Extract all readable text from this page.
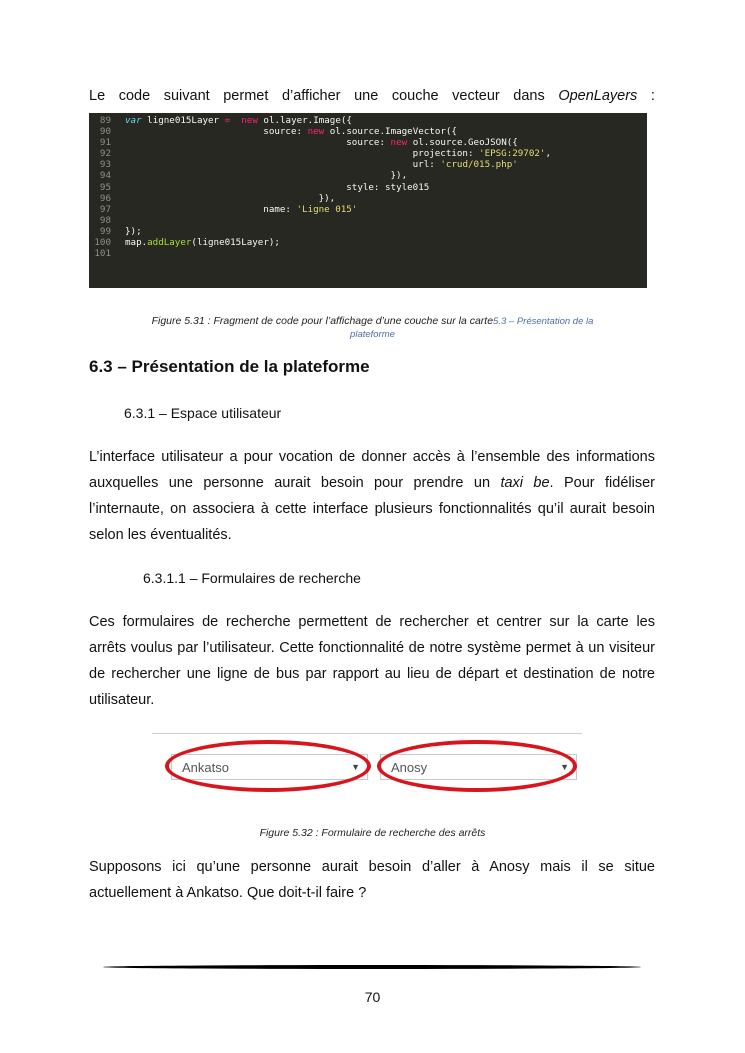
Le code suivant permet d’afficher une couche vecteur dans OpenLayers :
89	var ligne015Layer = new ol.layer.Image({
90	source: new ol.source.ImageVector({
91	source: new ol.source.GeoJSON({
92	projection: 'EPSG:29702',
93	url: 'crud/015.php'
94	}),
95	style: style015
96	}),
97	name: 'Ligne 015'
98
99	});
100	map.addLayer(ligne015Layer);
101
Figure 5.31 : Fragment de code pour l’affichage d’une couche sur la carte5.3 – Présentation de la
plateforme
6.3 – Présentation de la plateforme
6.3.1 – Espace utilisateur
L’interface utilisateur a pour vocation de donner accès à l’ensemble des informations
auxquelles une personne aurait besoin pour prendre un taxi be. Pour fidéliser
l’internaute, on associera à cette interface plusieurs fonctionnalités qu’il aurait besoin
selon les éventualités.
6.3.1.1 – Formulaires de recherche
Ces formulaires de recherche permettent de rechercher et centrer sur la carte les
arrêts voulus par l’utilisateur. Cette fonctionnalité de notre système permet à un visiteur
de rechercher une ligne de bus par rapport au lieu de départ et destination de notre
utilisateur.
Ankatso	▼	Anosy	▼
Figure 5.32 : Formulaire de recherche des arrêts
Supposons ici qu’une personne aurait besoin d’aller à Anosy mais il se situe
actuellement à Ankatso. Que doit-t-il faire ?
70
